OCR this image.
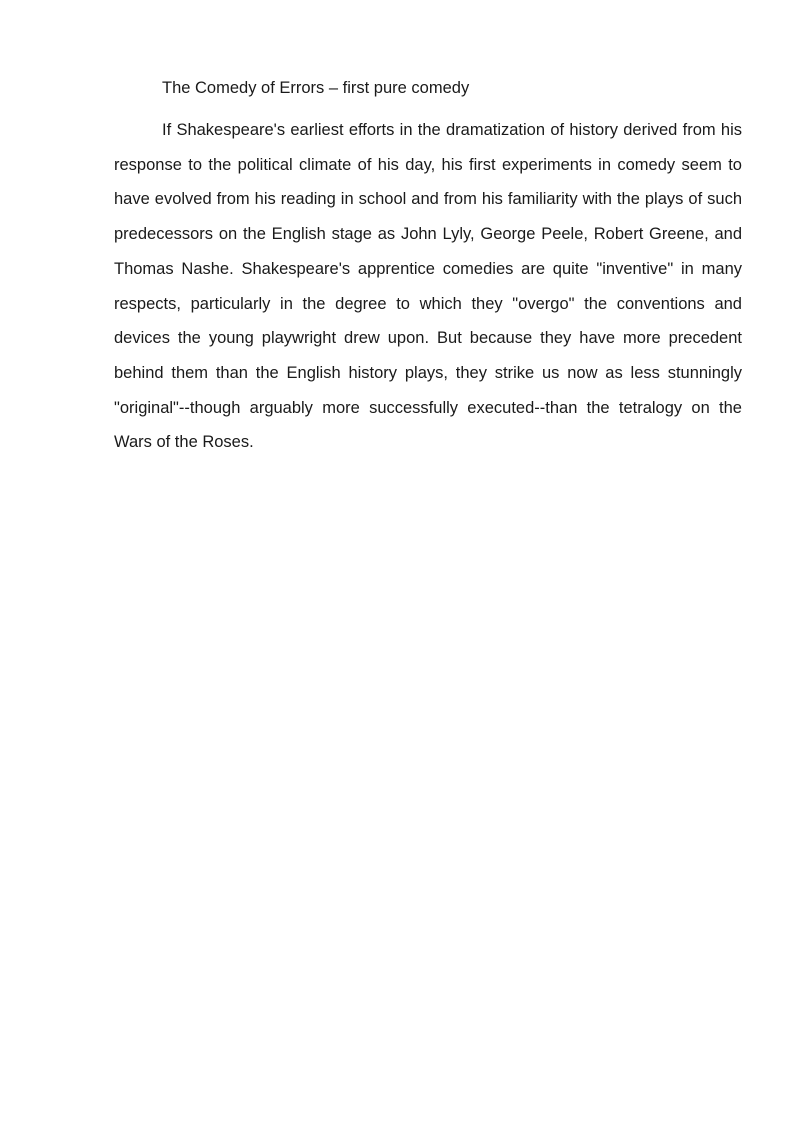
The Comedy of Errors – first pure comedy

If Shakespeare's earliest efforts in the dramatization of history derived from his response to the political climate of his day, his first experiments in comedy seem to have evolved from his reading in school and from his familiarity with the plays of such predecessors on the English stage as John Lyly, George Peele, Robert Greene, and Thomas Nashe. Shakespeare's apprentice comedies are quite "inventive" in many respects, particularly in the degree to which they "overgo" the conventions and devices the young playwright drew upon. But because they have more precedent behind them than the English history plays, they strike us now as less stunningly "original"--though arguably more successfully executed--than the tetralogy on the Wars of the Roses.
